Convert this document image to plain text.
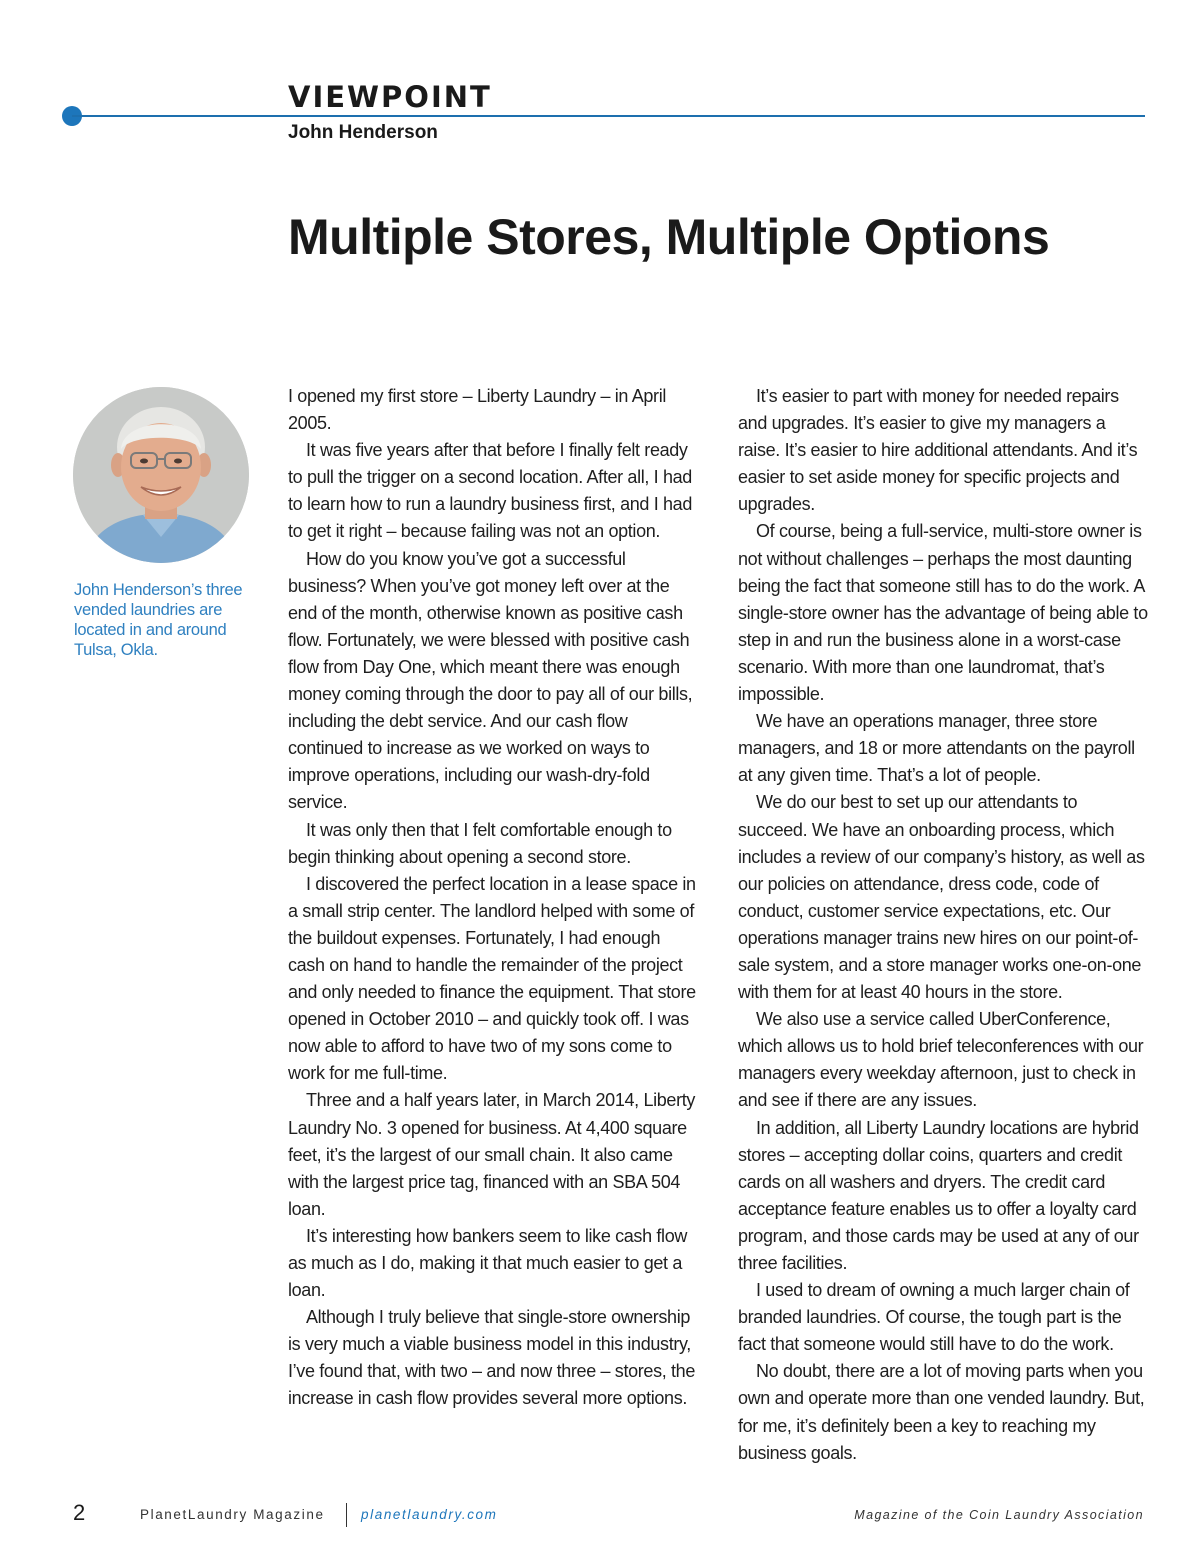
VIEWPOINT
John Henderson
Multiple Stores, Multiple Options
John Henderson’s three vended laundries are located in and around Tulsa, Okla.

I opened my first store – Liberty Laundry – in April 2005.

It was five years after that before I finally felt ready to pull the trigger on a second location. After all, I had to learn how to run a laundry business first, and I had to get it right – because failing was not an option.

How do you know you’ve got a successful business? When you’ve got money left over at the end of the month, otherwise known as positive cash flow. Fortunately, we were blessed with positive cash flow from Day One, which meant there was enough money coming through the door to pay all of our bills, including the debt service. And our cash flow continued to increase as we worked on ways to improve operations, including our wash-dry-fold service.

It was only then that I felt comfortable enough to begin thinking about opening a second store.

I discovered the perfect location in a lease space in a small strip center. The landlord helped with some of the buildout expenses. Fortunately, I had enough cash on hand to handle the remainder of the project and only needed to finance the equipment. That store opened in October 2010 – and quickly took off. I was now able to afford to have two of my sons come to work for me full-time.

Three and a half years later, in March 2014, Liberty Laundry No. 3 opened for business. At 4,400 square feet, it’s the largest of our small chain. It also came with the largest price tag, financed with an SBA 504 loan.

It’s interesting how bankers seem to like cash flow as much as I do, making it that much easier to get a loan.

Although I truly believe that single-store ownership is very much a viable business model in this industry, I’ve found that, with two – and now three – stores, the increase in cash flow provides several more options.

It’s easier to part with money for needed repairs and upgrades. It’s easier to give my managers a raise. It’s easier to hire additional attendants. And it’s easier to set aside money for specific projects and upgrades.

Of course, being a full-service, multi-store owner is not without challenges – perhaps the most daunting being the fact that someone still has to do the work. A single-store owner has the advantage of being able to step in and run the business alone in a worst-case scenario. With more than one laundromat, that’s impossible.

We have an operations manager, three store managers, and 18 or more attendants on the payroll at any given time. That’s a lot of people.

We do our best to set up our attendants to succeed. We have an onboarding process, which includes a review of our company’s history, as well as our policies on attendance, dress code, code of conduct, customer service expectations, etc. Our operations manager trains new hires on our point-of-sale system, and a store manager works one-on-one with them for at least 40 hours in the store.

We also use a service called UberConference, which allows us to hold brief teleconferences with our managers every weekday afternoon, just to check in and see if there are any issues.

In addition, all Liberty Laundry locations are hybrid stores – accepting dollar coins, quarters and credit cards on all washers and dryers. The credit card acceptance feature enables us to offer a loyalty card program, and those cards may be used at any of our three facilities.

I used to dream of owning a much larger chain of branded laundries. Of course, the tough part is the fact that someone would still have to do the work.

No doubt, there are a lot of moving parts when you own and operate more than one vended laundry. But, for me, it’s definitely been a key to reaching my business goals.

2	PlanetLaundry Magazine	planetlaundry.com	Magazine of the Coin Laundry Association
